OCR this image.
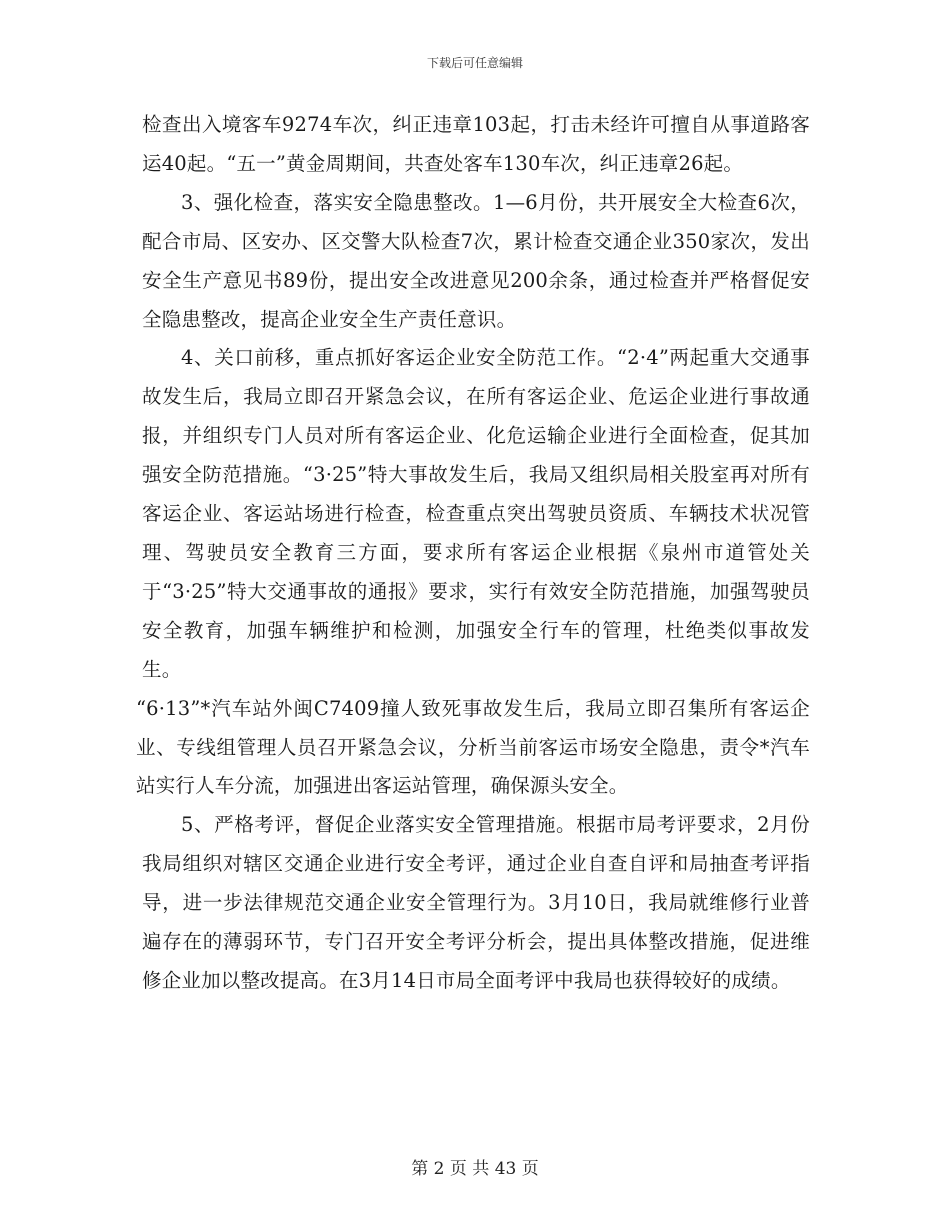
下载后可任意编辑

检查出入境客车9274车次，纠正违章103起，打击未经许可擅自从事道路客运40起。“五一”黄金周期间，共查处客车130车次，纠正违章26起。

3、强化检查，落实安全隐患整改。1—6月份，共开展安全大检查6次，配合市局、区安办、区交警大队检查7次，累计检查交通企业350家次，发出安全生产意见书89份，提出安全改进意见200余条，通过检查并严格督促安全隐患整改，提高企业安全生产责任意识。

4、关口前移，重点抓好客运企业安全防范工作。“2·4”两起重大交通事故发生后，我局立即召开紧急会议，在所有客运企业、危运企业进行事故通报，并组织专门人员对所有客运企业、化危运输企业进行全面检查，促其加强安全防范措施。“3·25”特大事故发生后，我局又组织局相关股室再对所有客运企业、客运站场进行检查，检查重点突出驾驶员资质、车辆技术状况管理、驾驶员安全教育三方面，要求所有客运企业根据《泉州市道管处关于“3·25”特大交通事故的通报》要求，实行有效安全防范措施，加强驾驶员安全教育，加强车辆维护和检测，加强安全行车的管理，杜绝类似事故发生。

“6·13”*汽车站外闽C7409撞人致死事故发生后，我局立即召集所有客运企业、专线组管理人员召开紧急会议，分析当前客运市场安全隐患，责令*汽车站实行人车分流，加强进出客运站管理，确保源头安全。

5、严格考评，督促企业落实安全管理措施。根据市局考评要求，2月份我局组织对辖区交通企业进行安全考评，通过企业自查自评和局抽查考评指导，进一步法律规范交通企业安全管理行为。3月10日，我局就维修行业普遍存在的薄弱环节，专门召开安全考评分析会，提出具体整改措施，促进维修企业加以整改提高。在3月14日市局全面考评中我局也获得较好的成绩。

第 2 页 共 43 页
